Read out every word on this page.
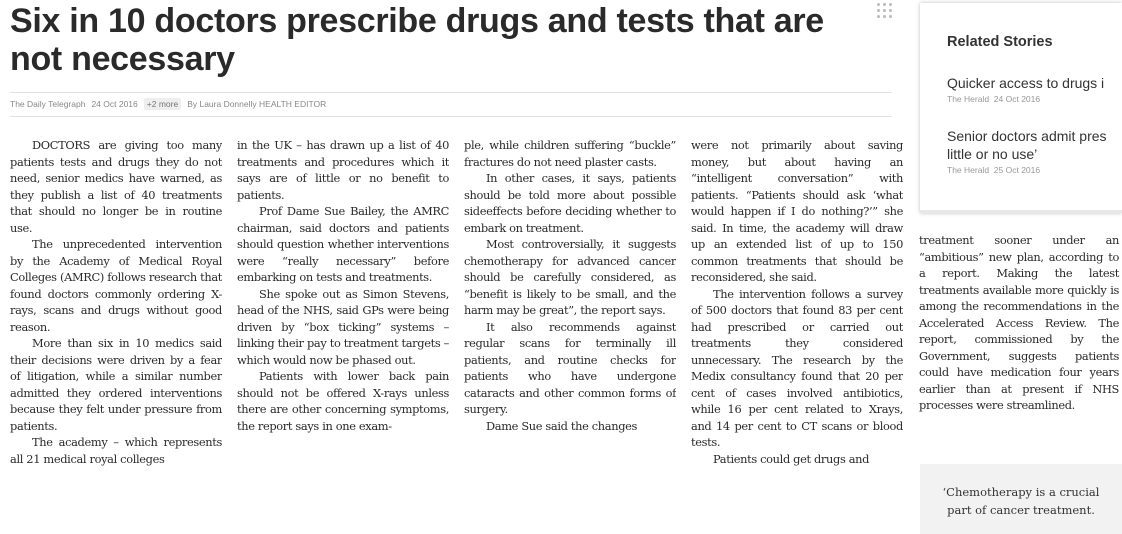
Six in 10 doctors prescribe drugs and tests that are not necessary
The Daily Telegraph 24 Oct 2016	+2 more	By Laura Donnelly HEALTH EDITOR

DOCTORS are giving too many patients tests and drugs they do not need, senior medics have warned, as they publish a list of 40 treatments that should no longer be in routine use.

The unprecedented intervention by the Academy of Medical Royal Colleges (AMRC) follows research that found doctors commonly ordering X-rays, scans and drugs without good reason.

More than six in 10 medics said their decisions were driven by a fear of litigation, while a similar number admitted they ordered interventions because they felt under pressure from patients.

The academy – which represents all 21 medical royal colleges

in the UK – has drawn up a list of 40 treatments and procedures which it says are of little or no benefit to patients.

Prof Dame Sue Bailey, the AMRC chairman, said doctors and patients should question whether interventions were “really necessary” before embarking on tests and treatments.

She spoke out as Simon Stevens, head of the NHS, said GPs were being driven by “box ticking” systems – linking their pay to treatment targets – which would now be phased out.

Patients with lower back pain should not be offered X-rays unless there are other concerning symptoms, the report says in one exam-

ple, while children suffering “buckle” fractures do not need plaster casts.

In other cases, it says, patients should be told more about possible sideeffects before deciding whether to embark on treatment.

Most controversially, it suggests chemotherapy for advanced cancer should be carefully considered, as “benefit is likely to be small, and the harm may be great”, the report says.

It also recommends against regular scans for terminally ill patients, and routine checks for patients who have undergone cataracts and other common forms of surgery.

Dame Sue said the changes

were not primarily about saving money, but about having an “intelligent conversation” with patients. “Patients should ask ‘what would happen if I do nothing?’” she said. In time, the academy will draw up an extended list of up to 150 common treatments that should be reconsidered, she said.

The intervention follows a survey of 500 doctors that found 83 per cent had prescribed or carried out treatments they considered unnecessary. The research by the Medix consultancy found that 20 per cent of cases involved antibiotics, while 16 per cent related to Xrays, and 14 per cent to CT scans or blood tests.

Patients could get drugs and

Related Stories
Quicker access to drugs i
The Herald 24 Oct 2016
Senior doctors admit pres
little or no use’
The Herald 25 Oct 2016
treatment sooner under an “ambitious” new plan, according to a report. Making the latest treatments available more quickly is among the recommendations in the Accelerated Access Review. The report, commissioned by the Government, suggests patients could have medication four years earlier than at present if NHS processes were streamlined.
‘Chemotherapy is a crucial part of cancer treatment.
